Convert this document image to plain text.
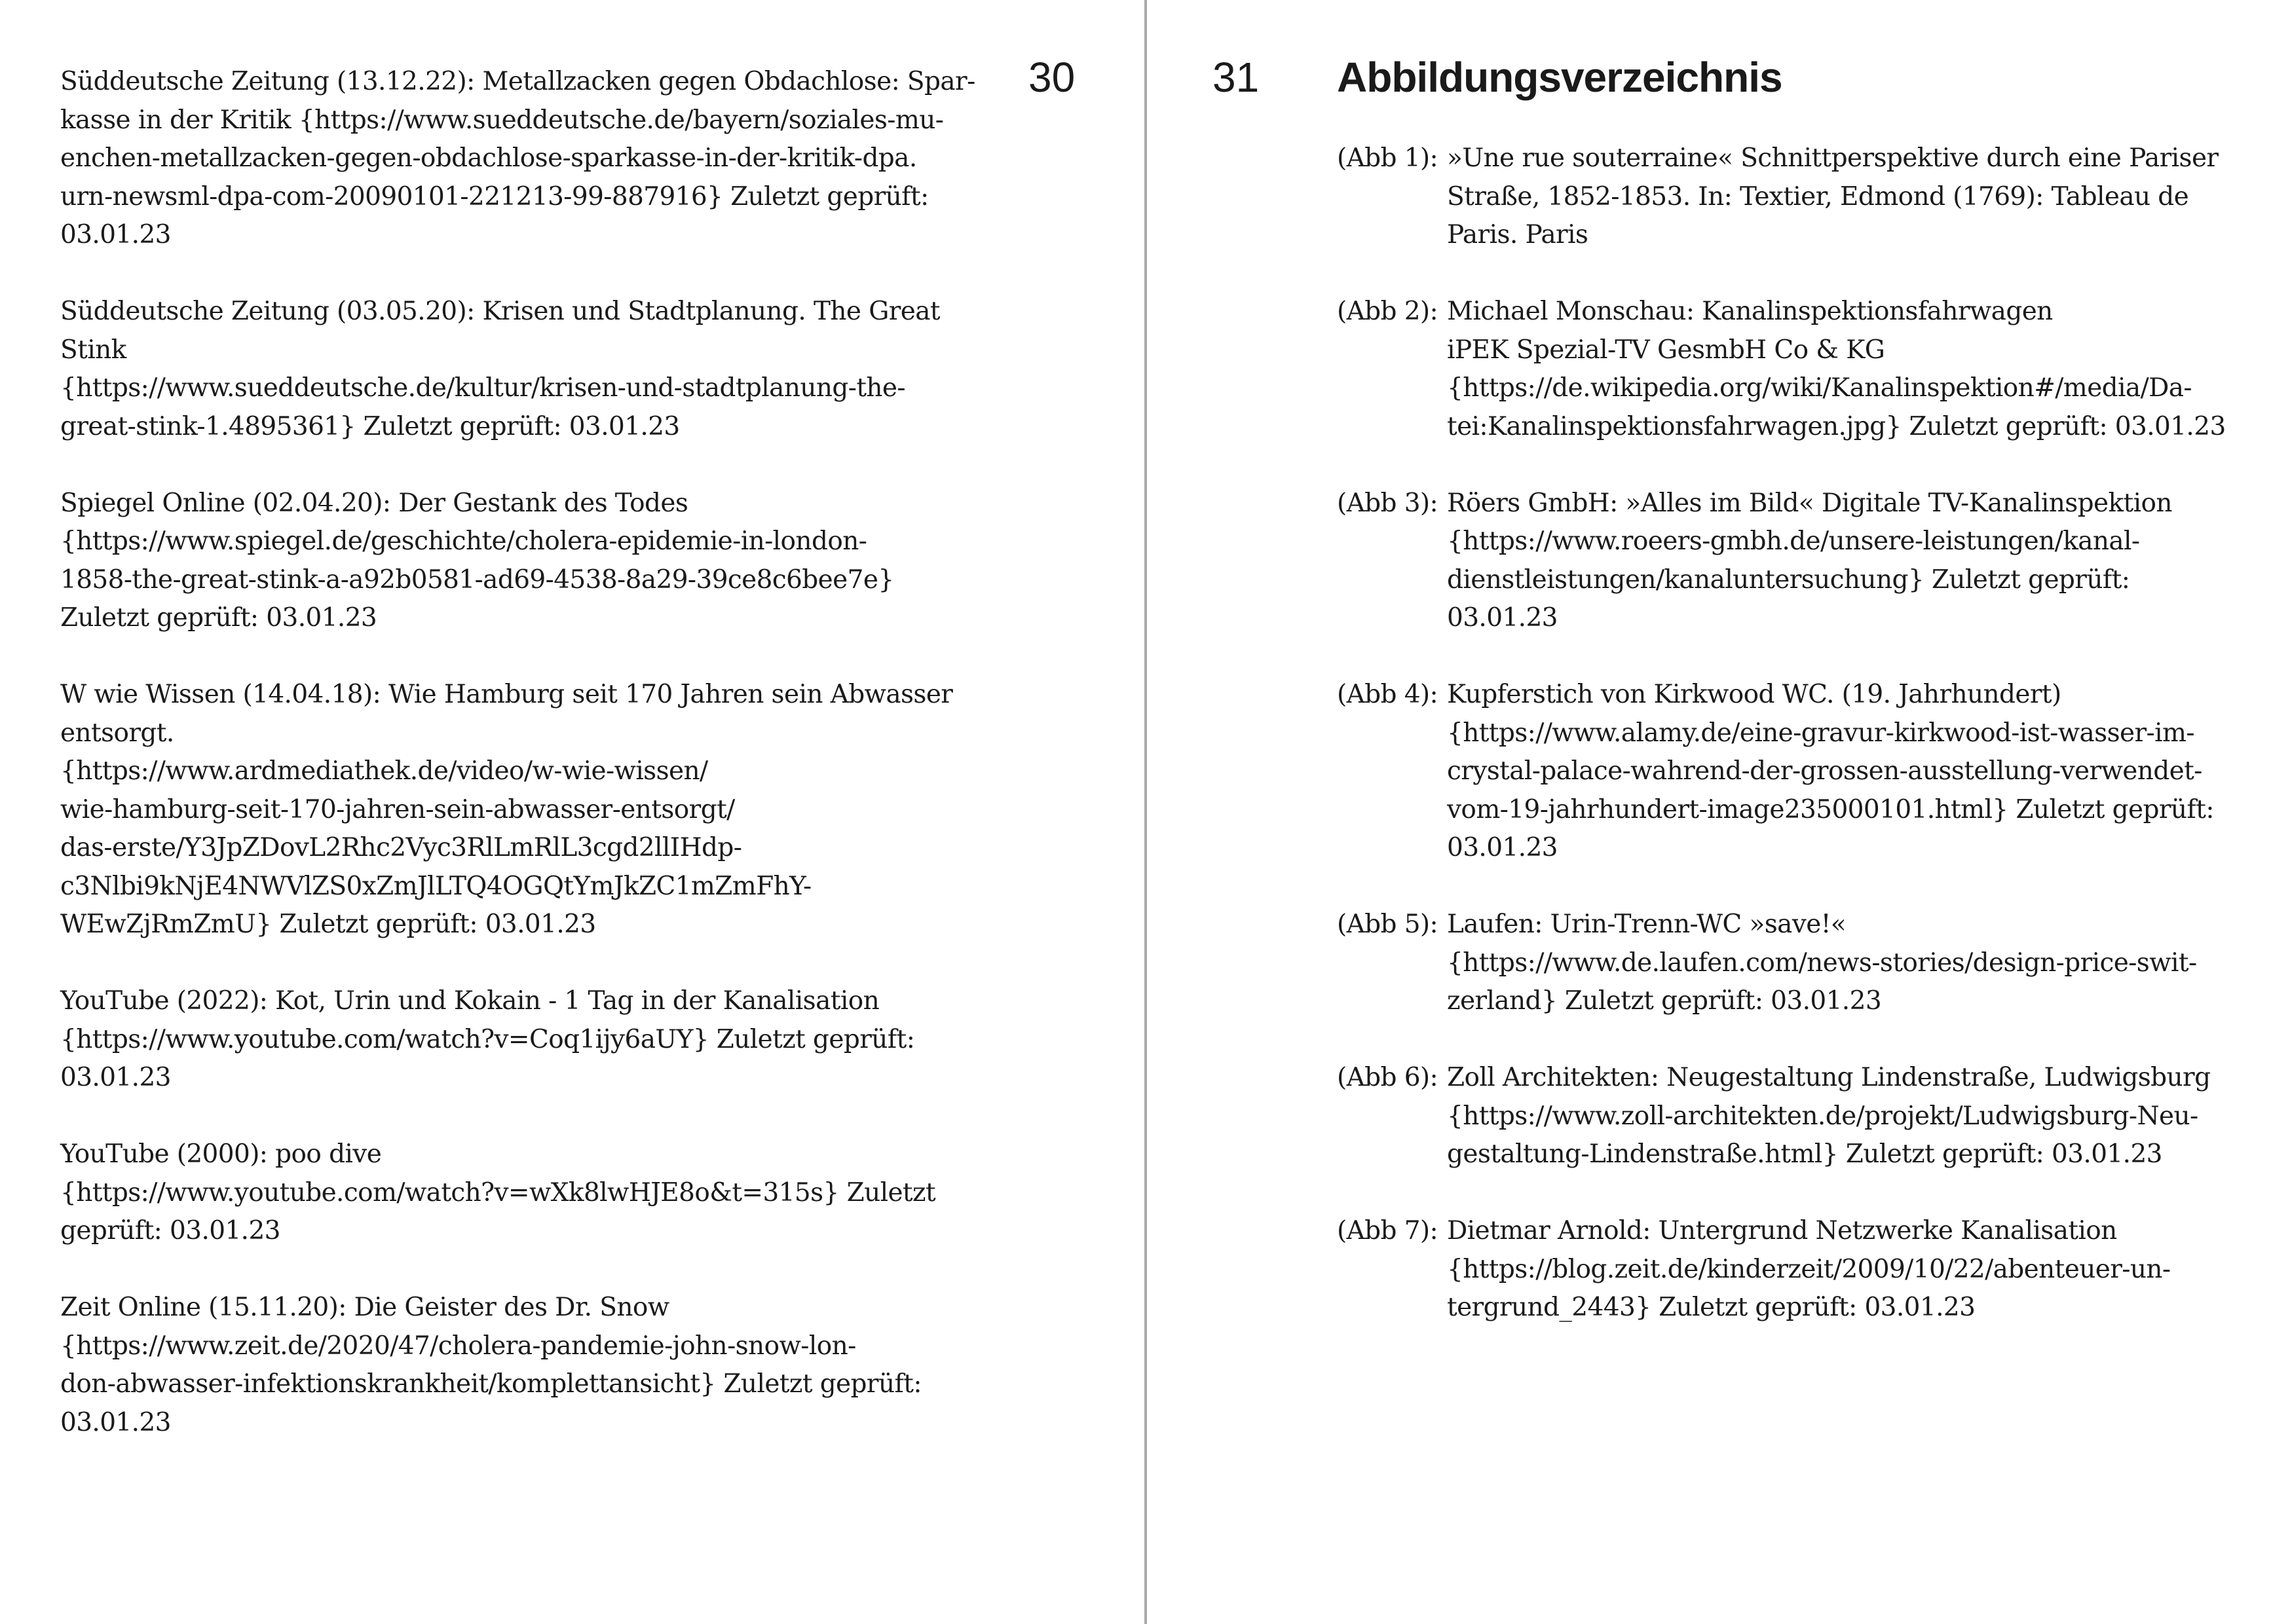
Süddeutsche Zeitung (13.12.22): Metallzacken gegen Obdachlose: Spar-
kasse in der Kritik {https://www.sueddeutsche.de/bayern/soziales-mu-
enchen-metallzacken-gegen-obdachlose-sparkasse-in-der-kritik-dpa.
urn-newsml-dpa-com-20090101-221213-99-887916} Zuletzt geprüft:
03.01.23
Süddeutsche Zeitung (03.05.20): Krisen und Stadtplanung. The Great
Stink
{https://www.sueddeutsche.de/kultur/krisen-und-stadtplanung-the-
great-stink-1.4895361} Zuletzt geprüft: 03.01.23
Spiegel Online (02.04.20): Der Gestank des Todes
{https://www.spiegel.de/geschichte/cholera-epidemie-in-london-
1858-the-great-stink-a-a92b0581-ad69-4538-8a29-39ce8c6bee7e}
Zuletzt geprüft: 03.01.23
W wie Wissen (14.04.18): Wie Hamburg seit 170 Jahren sein Abwasser
entsorgt.
{https://www.ardmediathek.de/video/w-wie-wissen/
wie-hamburg-seit-170-jahren-sein-abwasser-entsorgt/
das-erste/Y3JpZDovL2Rhc2Vyc3RlLmRlL3cgd2llIHdp-
c3Nlbi9kNjE4NWVlZS0xZmJlLTQ4OGQtYmJkZC1mZmFhY-
WEwZjRmZmU} Zuletzt geprüft: 03.01.23
YouTube (2022): Kot, Urin und Kokain - 1 Tag in der Kanalisation
{https://www.youtube.com/watch?v=Coq1ijy6aUY} Zuletzt geprüft:
03.01.23
YouTube (2000): poo dive
{https://www.youtube.com/watch?v=wXk8lwHJE8o&t=315s} Zuletzt
geprüft: 03.01.23
Zeit Online (15.11.20): Die Geister des Dr. Snow
{https://www.zeit.de/2020/47/cholera-pandemie-john-snow-lon-
don-abwasser-infektionskrankheit/komplettansicht} Zuletzt geprüft:
03.01.23
30	31 Abbildungsverzeichnis
(Abb 1): »Une rue souterraine« Schnittperspektive durch eine Pariser
Straße, 1852-1853. In: Textier, Edmond (1769): Tableau de
Paris. Paris
(Abb 2): Michael Monschau: Kanalinspektionsfahrwagen
iPEK Spezial-TV GesmbH Co & KG
{https://de.wikipedia.org/wiki/Kanalinspektion#/media/Da-
tei:Kanalinspektionsfahrwagen.jpg} Zuletzt geprüft: 03.01.23
(Abb 3): Röers GmbH: »Alles im Bild« Digitale TV-Kanalinspektion
{https://www.roeers-gmbh.de/unsere-leistungen/kanal-
dienstleistungen/kanaluntersuchung} Zuletzt geprüft:
03.01.23
(Abb 4): Kupferstich von Kirkwood WC. (19. Jahrhundert)
{https://www.alamy.de/eine-gravur-kirkwood-ist-wasser-im-
crystal-palace-wahrend-der-grossen-ausstellung-verwendet-
vom-19-jahrhundert-image235000101.html} Zuletzt geprüft:
03.01.23
(Abb 5): Laufen: Urin-Trenn-WC »save!«
{https://www.de.laufen.com/news-stories/design-price-swit-
zerland} Zuletzt geprüft: 03.01.23
(Abb 6): Zoll Architekten: Neugestaltung Lindenstraße, Ludwigsburg
{https://www.zoll-architekten.de/projekt/Ludwigsburg-Neu-
gestaltung-Lindenstraße.html} Zuletzt geprüft: 03.01.23
(Abb 7): Dietmar Arnold: Untergrund Netzwerke Kanalisation
{https://blog.zeit.de/kinderzeit/2009/10/22/abenteuer-un-
tergrund_2443} Zuletzt geprüft: 03.01.23
